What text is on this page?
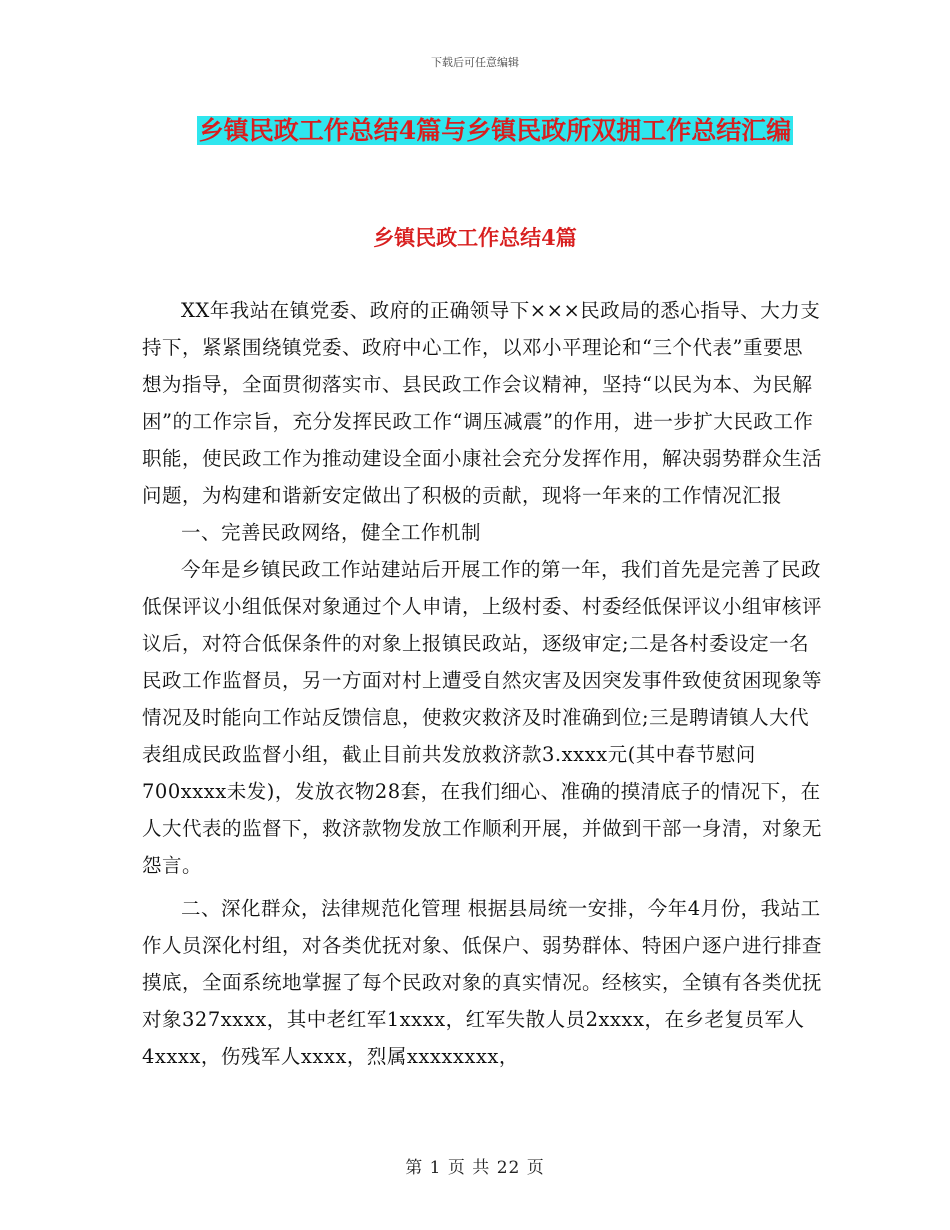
下载后可任意编辑
乡镇民政工作总结4篇与乡镇民政所双拥工作总结汇编
乡镇民政工作总结4篇

XX年我站在镇党委、政府的正确领导下×××民政局的悉心指导、大力支持下，紧紧围绕镇党委、政府中心工作，以邓小平理论和“三个代表”重要思想为指导，全面贯彻落实市、县民政工作会议精神，坚持“以民为本、为民解困”的工作宗旨，充分发挥民政工作“调压减震”的作用，进一步扩大民政工作职能，使民政工作为推动建设全面小康社会充分发挥作用，解决弱势群众生活问题，为构建和谐新安定做出了积极的贡献，现将一年来的工作情况汇报

一、完善民政网络，健全工作机制

今年是乡镇民政工作站建站后开展工作的第一年，我们首先是完善了民政低保评议小组低保对象通过个人申请，上级村委、村委经低保评议小组审核评议后，对符合低保条件的对象上报镇民政站，逐级审定;二是各村委设定一名民政工作监督员，另一方面对村上遭受自然灾害及因突发事件致使贫困现象等情况及时能向工作站反馈信息，使救灾救济及时准确到位;三是聘请镇人大代表组成民政监督小组，截止目前共发放救济款3.xxxx元(其中春节慰问700xxxx未发)，发放衣物28套，在我们细心、准确的摸清底子的情况下，在人大代表的监督下，救济款物发放工作顺利开展，并做到干部一身清，对象无怨言。

二、深化群众，法律规范化管理 根据县局统一安排，今年4月份，我站工作人员深化村组，对各类优抚对象、低保户、弱势群体、特困户逐户进行排查摸底，全面系统地掌握了每个民政对象的真实情况。经核实，全镇有各类优抚对象327xxxx，其中老红军1xxxx，红军失散人员2xxxx，在乡老复员军人4xxxx，伤残军人xxxx，烈属xxxxxxxx，

第 1 页 共 22 页
